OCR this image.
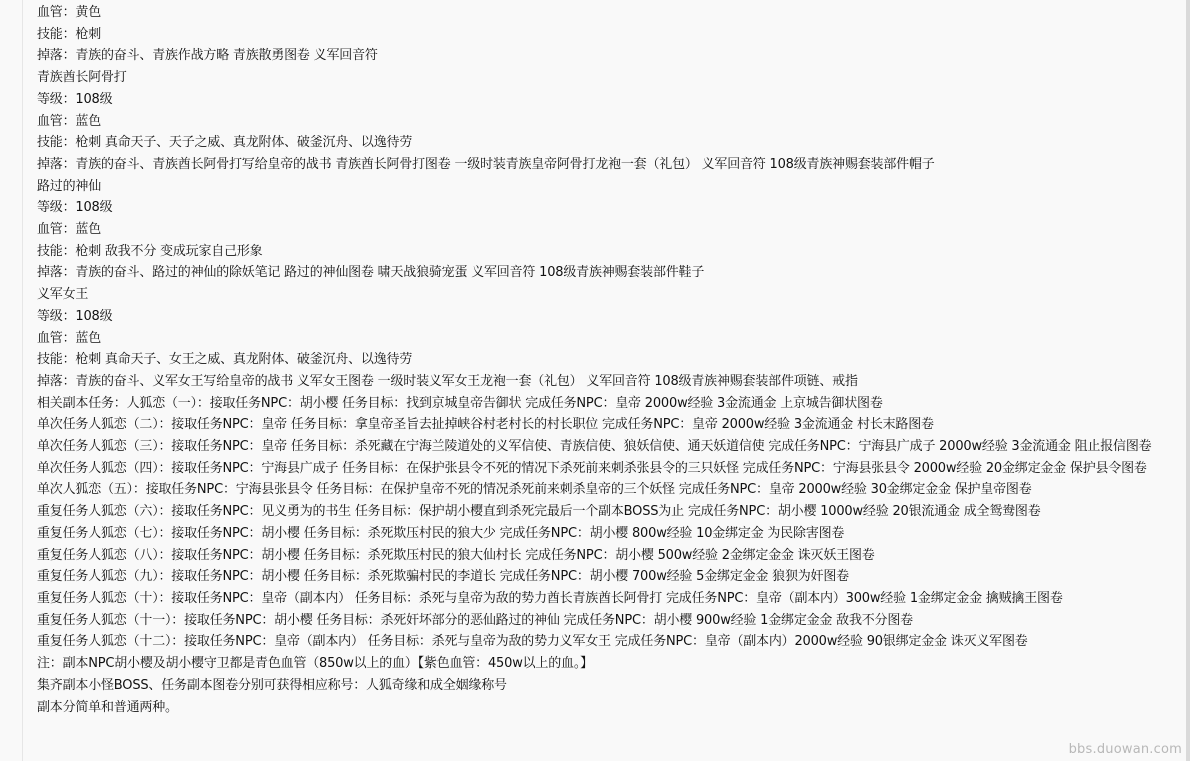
血管：黄色
技能：枪刺
掉落：青族的奋斗、青族作战方略 青族散勇图卷 义军回音符
青族酋长阿骨打
等级：108级
血管：蓝色
技能：枪刺 真命天子、天子之威、真龙附体、破釜沉舟、以逸待劳
掉落：青族的奋斗、青族酋长阿骨打写给皇帝的战书 青族酋长阿骨打图卷 一级时装青族皇帝阿骨打龙袍一套（礼包） 义军回音符 108级青族神赐套装部件帽子
路过的神仙
等级：108级
血管：蓝色
技能：枪刺 敌我不分 变成玩家自己形象
掉落：青族的奋斗、路过的神仙的除妖笔记 路过的神仙图卷 啸天战狼骑宠蛋 义军回音符 108级青族神赐套装部件鞋子
义军女王
等级：108级
血管：蓝色
技能：枪刺 真命天子、女王之威、真龙附体、破釜沉舟、以逸待劳
掉落：青族的奋斗、义军女王写给皇帝的战书 义军女王图卷 一级时装义军女王龙袍一套（礼包） 义军回音符 108级青族神赐套装部件项链、戒指
相关副本任务：人狐恋（一）：接取任务NPC：胡小樱 任务目标：找到京城皇帝告御状 完成任务NPC：皇帝 2000w经验 3金流通金 上京城告御状图卷
单次任务人狐恋（二）：接取任务NPC：皇帝 任务目标：拿皇帝圣旨去扯掉峡谷村老村长的村长职位 完成任务NPC：皇帝 2000w经验 3金流通金 村长末路图卷
单次任务人狐恋（三）：接取任务NPC：皇帝 任务目标：杀死藏在宁海兰陵道处的义军信使、青族信使、狼妖信使、通天妖道信使 完成任务NPC：宁海县广成子 2000w经验 3金流通金 阻止报信图卷
单次任务人狐恋（四）：接取任务NPC：宁海县广成子 任务目标：在保护张县令不死的情况下杀死前来刺杀张县令的三只妖怪 完成任务NPC：宁海县张县令 2000w经验 20金绑定金金 保护县令图卷
单次人狐恋（五）：接取任务NPC：宁海县张县令 任务目标：在保护皇帝不死的情况杀死前来刺杀皇帝的三个妖怪 完成任务NPC：皇帝 2000w经验 30金绑定金金 保护皇帝图卷
重复任务人狐恋（六）：接取任务NPC：见义勇为的书生 任务目标：保护胡小樱直到杀死完最后一个副本BOSS为止 完成任务NPC：胡小樱 1000w经验 20银流通金 成全鸳鸯图卷
重复任务人狐恋（七）：接取任务NPC：胡小樱 任务目标：杀死欺压村民的狼大少 完成任务NPC：胡小樱 800w经验 10金绑定金 为民除害图卷
重复任务人狐恋（八）：接取任务NPC：胡小樱 任务目标：杀死欺压村民的狼大仙村长 完成任务NPC：胡小樱 500w经验 2金绑定金金 诛灭妖王图卷
重复任务人狐恋（九）：接取任务NPC：胡小樱 任务目标：杀死欺骗村民的李道长 完成任务NPC：胡小樱 700w经验 5金绑定金金 狼狈为奸图卷
重复任务人狐恋（十）：接取任务NPC：皇帝（副本内） 任务目标：杀死与皇帝为敌的势力酋长青族酋长阿骨打 完成任务NPC：皇帝（副本内）300w经验 1金绑定金金 擒贼擒王图卷
重复任务人狐恋（十一）：接取任务NPC：胡小樱 任务目标：杀死奸坏部分的恶仙路过的神仙 完成任务NPC：胡小樱 900w经验 1金绑定金金 敌我不分图卷
重复任务人狐恋（十二）：接取任务NPC：皇帝（副本内） 任务目标：杀死与皇帝为敌的势力义军女王 完成任务NPC：皇帝（副本内）2000w经验 90银绑定金金 诛灭义军图卷
注：副本NPC胡小樱及胡小樱守卫都是青色血管（850w以上的血）【紫色血管：450w以上的血。】
集齐副本小怪BOSS、任务副本图卷分别可获得相应称号：人狐奇缘和成全姻缘称号
副本分简单和普通两种。
bbs.duowan.com
